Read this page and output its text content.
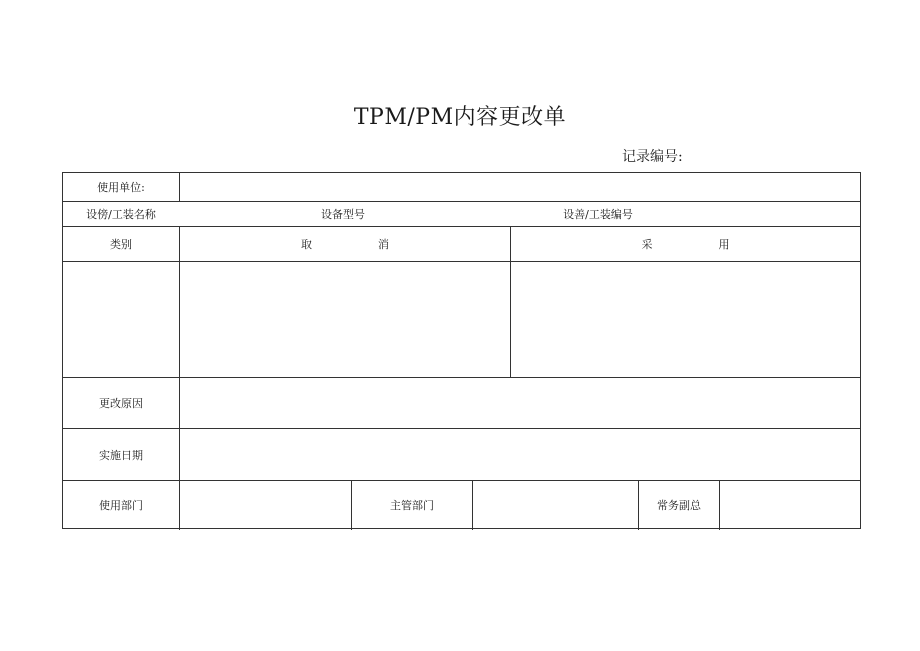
TPM/PM内容更改单
记录编号:
使用单位:
设傍/工装名称	设备型号	设善/工装编号
类别	取　　　　　　消	采　　　　　　用
更改原因
实施日期
使用部门	主管部门	常务副总
